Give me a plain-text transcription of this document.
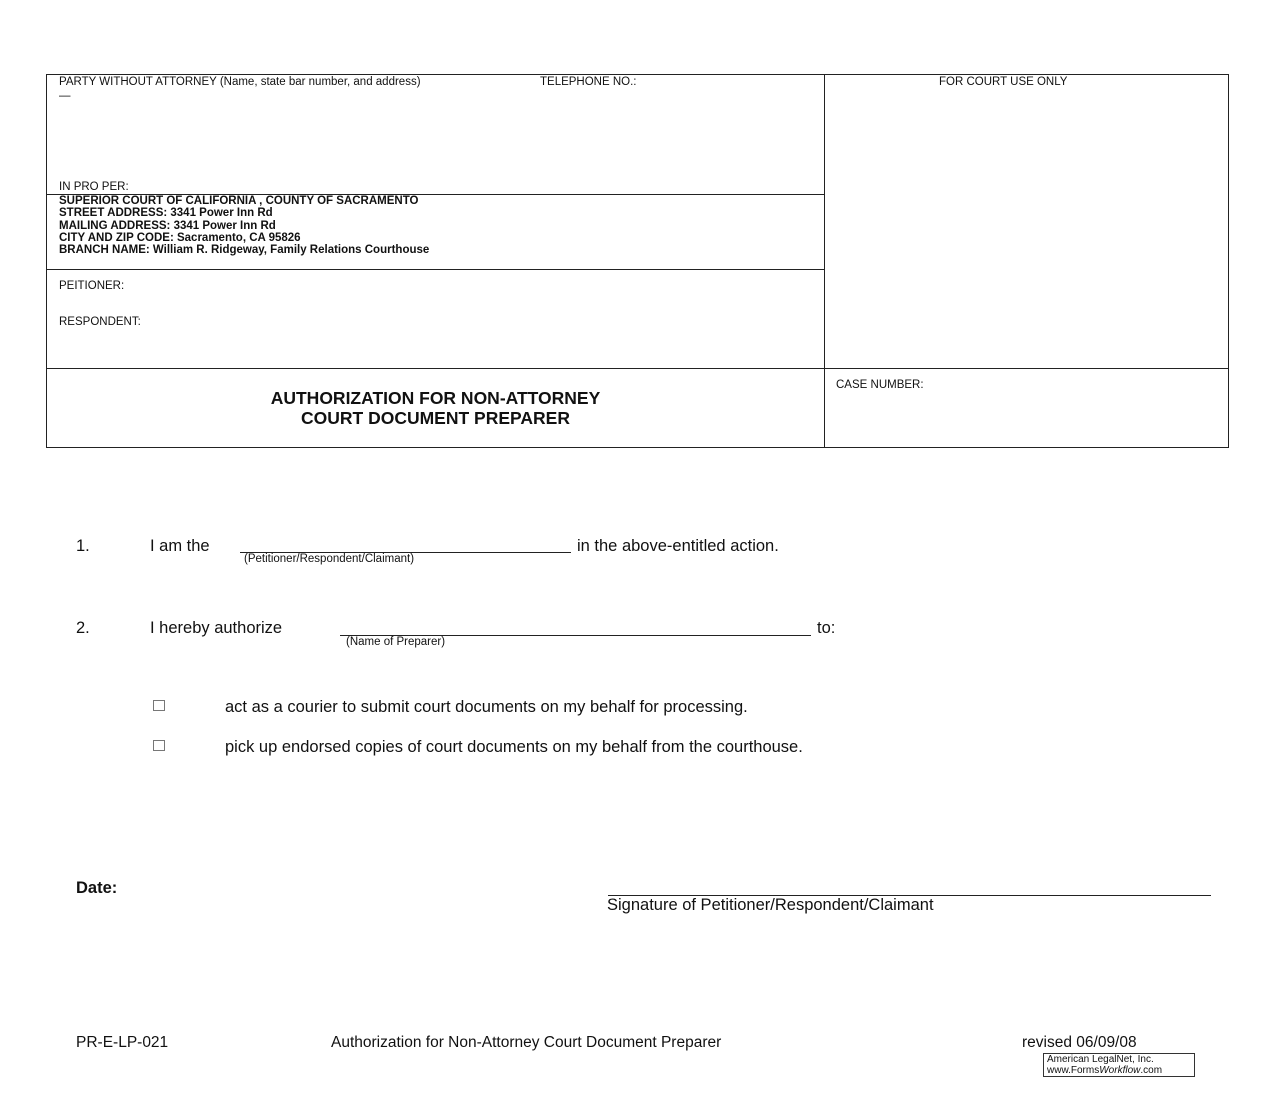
PARTY WITHOUT ATTORNEY (Name, state bar number, and address)	TELEPHONE NO.:
—
IN PRO PER:
FOR COURT USE ONLY
SUPERIOR COURT OF CALIFORNIA , COUNTY OF SACRAMENTO
STREET ADDRESS: 3341 Power Inn Rd
MAILING ADDRESS: 3341 Power Inn Rd
CITY AND ZIP CODE: Sacramento, CA 95826
BRANCH NAME: William R. Ridgeway, Family Relations Courthouse
PEITIONER:
RESPONDENT:
AUTHORIZATION FOR NON-ATTORNEY
COURT DOCUMENT PREPARER
CASE NUMBER:
1.	I am the
(Petitioner/Respondent/Claimant)
in the above-entitled action.
2.	I hereby authorize
(Name of Preparer)
to:
act as a courier to submit court documents on my behalf for processing.
pick up endorsed copies of court documents on my behalf from the courthouse.
Date:
Signature of Petitioner/Respondent/Claimant
PR-E-LP-021	Authorization for Non-Attorney Court Document Preparer	revised 06/09/08
American LegalNet, Inc.
www.FormsWorkflow.com
